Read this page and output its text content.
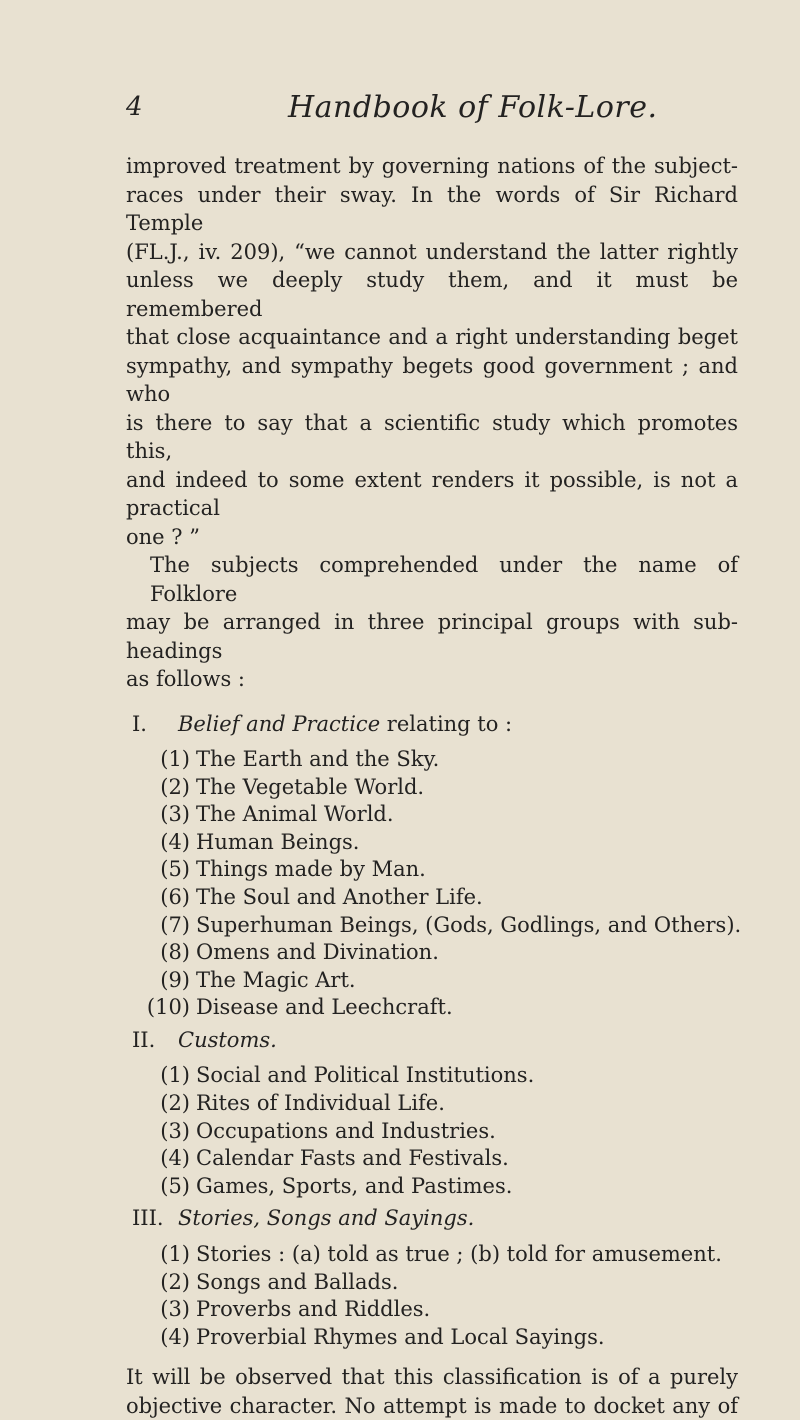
4	Handbook of Folk-Lore.

improved treatment by governing nations of the subject-
races under their sway. In the words of Sir Richard Temple
(FL.J., iv. 209), “we cannot understand the latter rightly
unless we deeply study them, and it must be remembered
that close acquaintance and a right understanding beget
sympathy, and sympathy begets good government ; and who
is there to say that a scientific study which promotes this,
and indeed to some extent renders it possible, is not a practical
one ? ”

The subjects comprehended under the name of Folklore
may be arranged in three principal groups with sub-headings
as follows :

I. Belief and Practice relating to :
(1) The Earth and the Sky.
(2) The Vegetable World.
(3) The Animal World.
(4) Human Beings.
(5) Things made by Man.
(6) The Soul and Another Life.
(7) Superhuman Beings, (Gods, Godlings, and Others).
(8) Omens and Divination.
(9) The Magic Art.
(10) Disease and Leechcraft.
II. Customs.
(1) Social and Political Institutions.
(2) Rites of Individual Life.
(3) Occupations and Industries.
(4) Calendar Fasts and Festivals.
(5) Games, Sports, and Pastimes.
III. Stories, Songs and Sayings.
(1) Stories : (a) told as true ; (b) told for amusement.
(2) Songs and Ballads.
(3) Proverbs and Riddles.
(4) Proverbial Rhymes and Local Sayings.

It will be observed that this classification is of a purely
objective character. No attempt is made to docket any of
